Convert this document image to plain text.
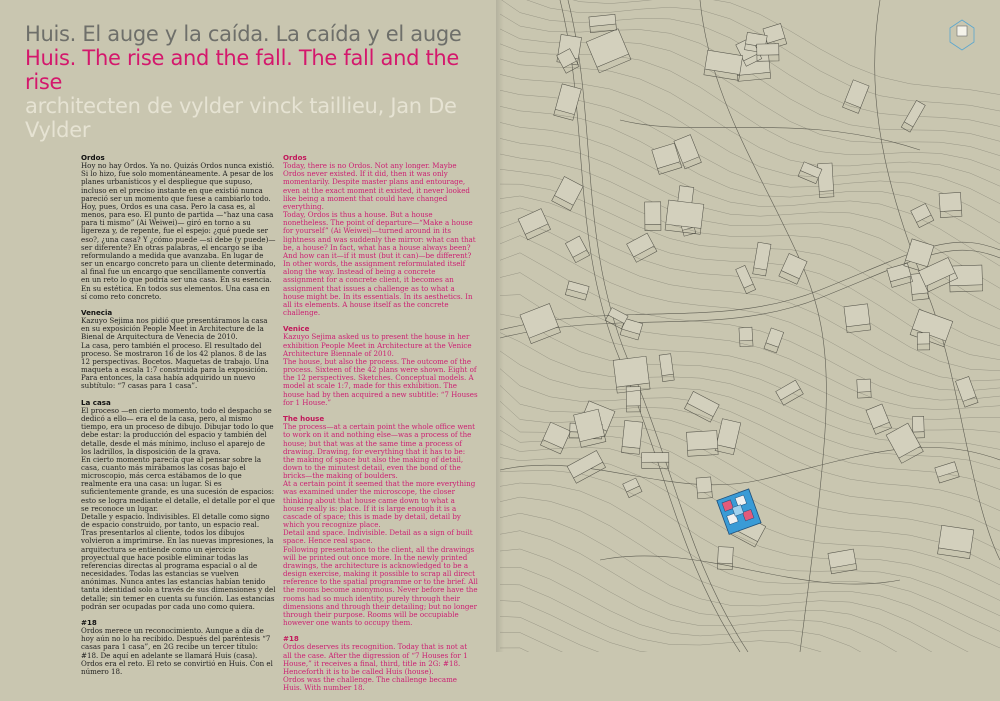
Huis. El auge y la caída. La caída y el auge

Huis. The rise and the fall. The fall and the rise

architecten de vylder vinck taillieu, Jan De Vylder

Ordos

Hoy no hay Ordos. Ya no. Quizás Ordos nunca existió. Si lo hizo, fue solo momentáneamente. A pesar de los planes urbanísticos y el despliegue que supuso, incluso en el preciso instante en que existió nunca pareció ser un momento que fuese a cambiarlo todo.

Hoy, pues, Ordos es una casa. Pero la casa es, al menos, para eso. El punto de partida —“haz una casa para ti mismo” (Ai Weiwei)— giró en torno a su ligereza y, de repente, fue el espejo: ¿qué puede ser eso?, ¿una casa? Y ¿cómo puede —si debe (y puede)— ser diferente? En otras palabras, el encargo se iba reformulando a medida que avanzaba. En lugar de ser un encargo concreto para un cliente determinado, al final fue un encargo que sencillamente convertía en un reto lo que podría ser una casa. En su esencia. En su estética. En todos sus elementos. Una casa en sí como reto concreto.

Venecia

Kazuyo Sejima nos pidió que presentáramos la casa en su exposición People Meet in Architecture de la Bienal de Arquitectura de Venecia de 2010.

La casa, pero también el proceso. El resultado del proceso. Se mostraron 16 de los 42 planos. 8 de las 12 perspectivas. Bocetos. Maquetas de trabajo. Una maqueta a escala 1:7 construida para la exposición. Para entonces, la casa había adquirido un nuevo subtítulo: “7 casas para 1 casa”.

La casa

El proceso —en cierto momento, todo el despacho se dedicó a ello— era el de la casa, pero, al mismo tiempo, era un proceso de dibujo. Dibujar todo lo que debe estar: la producción del espacio y también del detalle, desde el más mínimo, incluso el aparejo de los ladrillos, la disposición de la grava.

En cierto momento parecía que al pensar sobre la casa, cuanto más mirábamos las cosas bajo el microscopio, más cerca estábamos de lo que realmente era una casa: un lugar. Si es suficientemente grande, es una sucesión de espacios: esto se logra mediante el detalle, el detalle por el que se reconoce un lugar.

Detalle y espacio. Indivisibles. El detalle como signo de espacio construido, por tanto, un espacio real.

Tras presentarlos al cliente, todos los dibujos volvieron a imprimirse. En las nuevas impresiones, la arquitectura se entiende como un ejercicio proyectual que hace posible eliminar todas las referencias directas al programa espacial o al de necesidades. Todas las estancias se vuelven anónimas. Nunca antes las estancias habían tenido tanta identidad solo a través de sus dimensiones y del detalle; sin temer en cuenta su función. Las estancias podrán ser ocupadas por cada uno como quiera.

#18

Ordos merece un reconocimiento. Aunque a día de hoy aún no lo ha recibido. Después del paréntesis “7 casas para 1 casa”, en 2G recibe un tercer título: #18. De aquí en adelante se llamará Huis (casa).

Ordos era el reto. El reto se convirtió en Huis. Con el número 18.

Ordos

Today, there is no Ordos. Not any longer. Maybe Ordos never existed. If it did, then it was only momentarily. Despite master plans and entourage, even at the exact moment it existed, it never looked like being a moment that could have changed everything.

Today, Ordos is thus a house. But a house nonetheless. The point of departure—“Make a house for yourself” (Ai Weiwei)—turned around in its lightness and was suddenly the mirror: what can that be, a house? In fact, what has a house always been? And how can it—if it must (but it can)—be different? In other words, the assignment reformulated itself along the way. Instead of being a concrete assignment for a concrete client, it becomes an assignment that issues a challenge as to what a house might be. In its essentials. In its aesthetics. In all its elements. A house itself as the concrete challenge.

Venice

Kazuyo Sejima asked us to present the house in her exhibition People Meet in Architecture at the Venice Architecture Biennale of 2010.

The house, but also the process. The outcome of the process. Sixteen of the 42 plans were shown. Eight of the 12 perspectives. Sketches. Conceptual models. A model at scale 1:7, made for this exhibition. The house had by then acquired a new subtitle: “7 Houses for 1 House.”

The house

The process—at a certain point the whole office went to work on it and nothing else—was a process of the house; but that was at the same time a process of drawing. Drawing, for everything that it has to be: the making of space but also the making of detail, down to the minutest detail, even the bond of the bricks—the making of boulders.

At a certain point it seemed that the more everything was examined under the microscope, the closer thinking about that house came down to what a house really is: place. If it is large enough it is a cascade of space; this is made by detail, detail by which you recognize place.

Detail and space. Indivisible. Detail as a sign of built space. Hence real space.

Following presentation to the client, all the drawings will be printed out once more. In the newly printed drawings, the architecture is acknowledged to be a design exercise, making it possible to scrap all direct reference to the spatial programme or to the brief. All the rooms become anonymous. Never before have the rooms had so much identity, purely through their dimensions and through their detailing; but no longer through their purpose. Rooms will be occupiable however one wants to occupy them.

#18

Ordos deserves its recognition. Today that is not at all the case. After the digression of “7 Houses for 1 House,” it receives a final, third, title in 2G: #18. Henceforth it is to be called Huis (house).

Ordos was the challenge. The challenge became Huis. With number 18.
